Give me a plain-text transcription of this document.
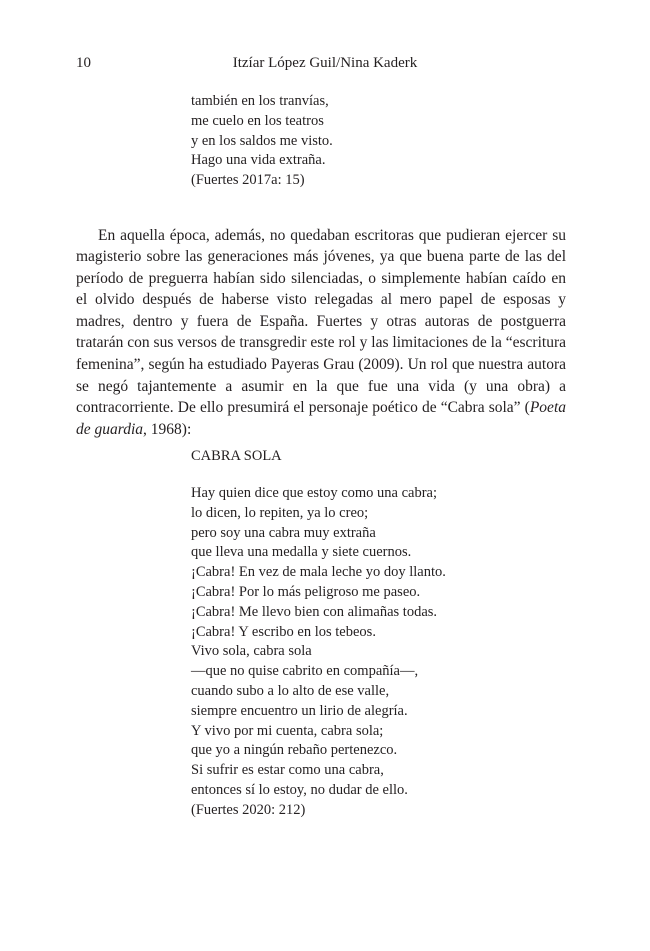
10	Itzíar López Guil/Nina Kaderk
también en los tranvías,
me cuelo en los teatros
y en los saldos me visto.
Hago una vida extraña.
(Fuertes 2017a: 15)

En aquella época, además, no quedaban escritoras que pudieran ejercer su magisterio sobre las generaciones más jóvenes, ya que buena parte de las del período de preguerra habían sido silenciadas, o simplemente habían caído en el olvido después de haberse visto relegadas al mero papel de esposas y madres, dentro y fuera de España. Fuertes y otras autoras de postguerra tratarán con sus versos de transgredir este rol y las limitaciones de la “escritura femenina”, según ha estudiado Payeras Grau (2009). Un rol que nuestra autora se negó tajantemente a asumir en la que fue una vida (y una obra) a contracorriente. De ello presumirá el personaje poético de “Cabra sola” (Poeta de guardia, 1968):

CABRA SOLA
Hay quien dice que estoy como una cabra;
lo dicen, lo repiten, ya lo creo;
pero soy una cabra muy extraña
que lleva una medalla y siete cuernos.
¡Cabra! En vez de mala leche yo doy llanto.
¡Cabra! Por lo más peligroso me paseo.
¡Cabra! Me llevo bien con alimañas todas.
¡Cabra! Y escribo en los tebeos.
Vivo sola, cabra sola
—que no quise cabrito en compañía—,
cuando subo a lo alto de ese valle,
siempre encuentro un lirio de alegría.
Y vivo por mi cuenta, cabra sola;
que yo a ningún rebaño pertenezco.
Si sufrir es estar como una cabra,
entonces sí lo estoy, no dudar de ello.
(Fuertes 2020: 212)
